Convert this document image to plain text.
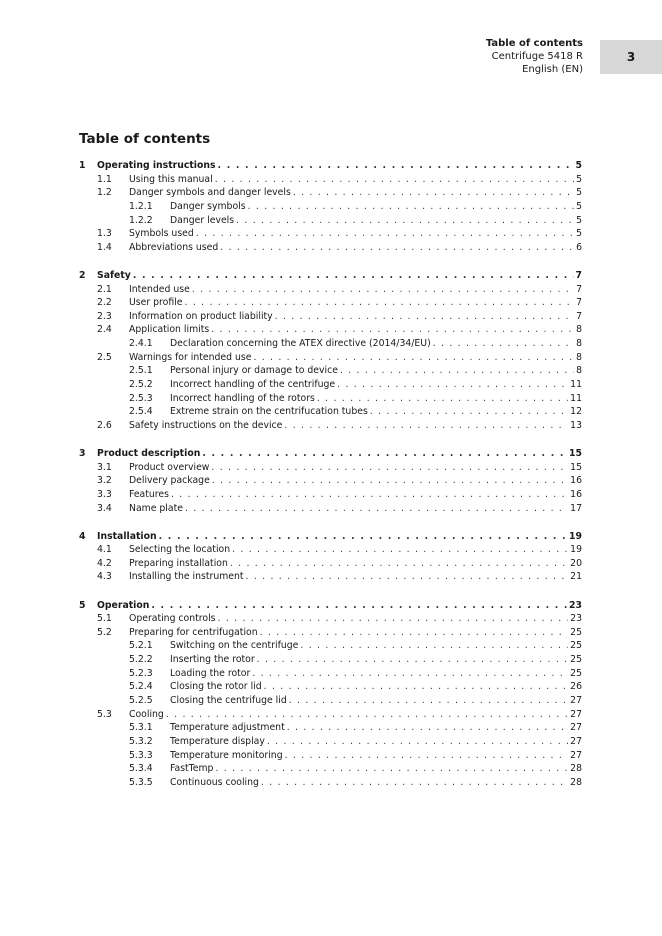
Table of contents
Centrifuge 5418 R
English (EN)
3
Table of contents
1	Operating instructions . . .	5
1.1	Using this manual . . .	5
1.2	Danger symbols and danger levels . . .	5
1.2.1	Danger symbols . . .	5
1.2.2	Danger levels . . .	5
1.3	Symbols used . . .	5
1.4	Abbreviations used . . .	6
2	Safety . . .	7
2.1	Intended use . . .	7
2.2	User profile . . .	7
2.3	Information on product liability . . .	7
2.4	Application limits . . .	8
2.4.1	Declaration concerning the ATEX directive (2014/34/EU) . . .	8
2.5	Warnings for intended use . . .	8
2.5.1	Personal injury or damage to device . . .	8
2.5.2	Incorrect handling of the centrifuge . . .	11
2.5.3	Incorrect handling of the rotors . . .	11
2.5.4	Extreme strain on the centrifucation tubes . . .	12
2.6	Safety instructions on the device . . .	13
3	Product description . . .	15
3.1	Product overview . . .	15
3.2	Delivery package . . .	16
3.3	Features . . .	16
3.4	Name plate . . .	17
4	Installation . . .	19
4.1	Selecting the location . . .	19
4.2	Preparing installation . . .	20
4.3	Installing the instrument . . .	21
5	Operation . . .	23
5.1	Operating controls . . .	23
5.2	Preparing for centrifugation . . .	25
5.2.1	Switching on the centrifuge . . .	25
5.2.2	Inserting the rotor . . .	25
5.2.3	Loading the rotor . . .	25
5.2.4	Closing the rotor lid . . .	26
5.2.5	Closing the centrifuge lid . . .	27
5.3	Cooling . . .	27
5.3.1	Temperature adjustment . . .	27
5.3.2	Temperature display . . .	27
5.3.3	Temperature monitoring . . .	27
5.3.4	FastTemp . . .	28
5.3.5	Continuous cooling . . .	28
